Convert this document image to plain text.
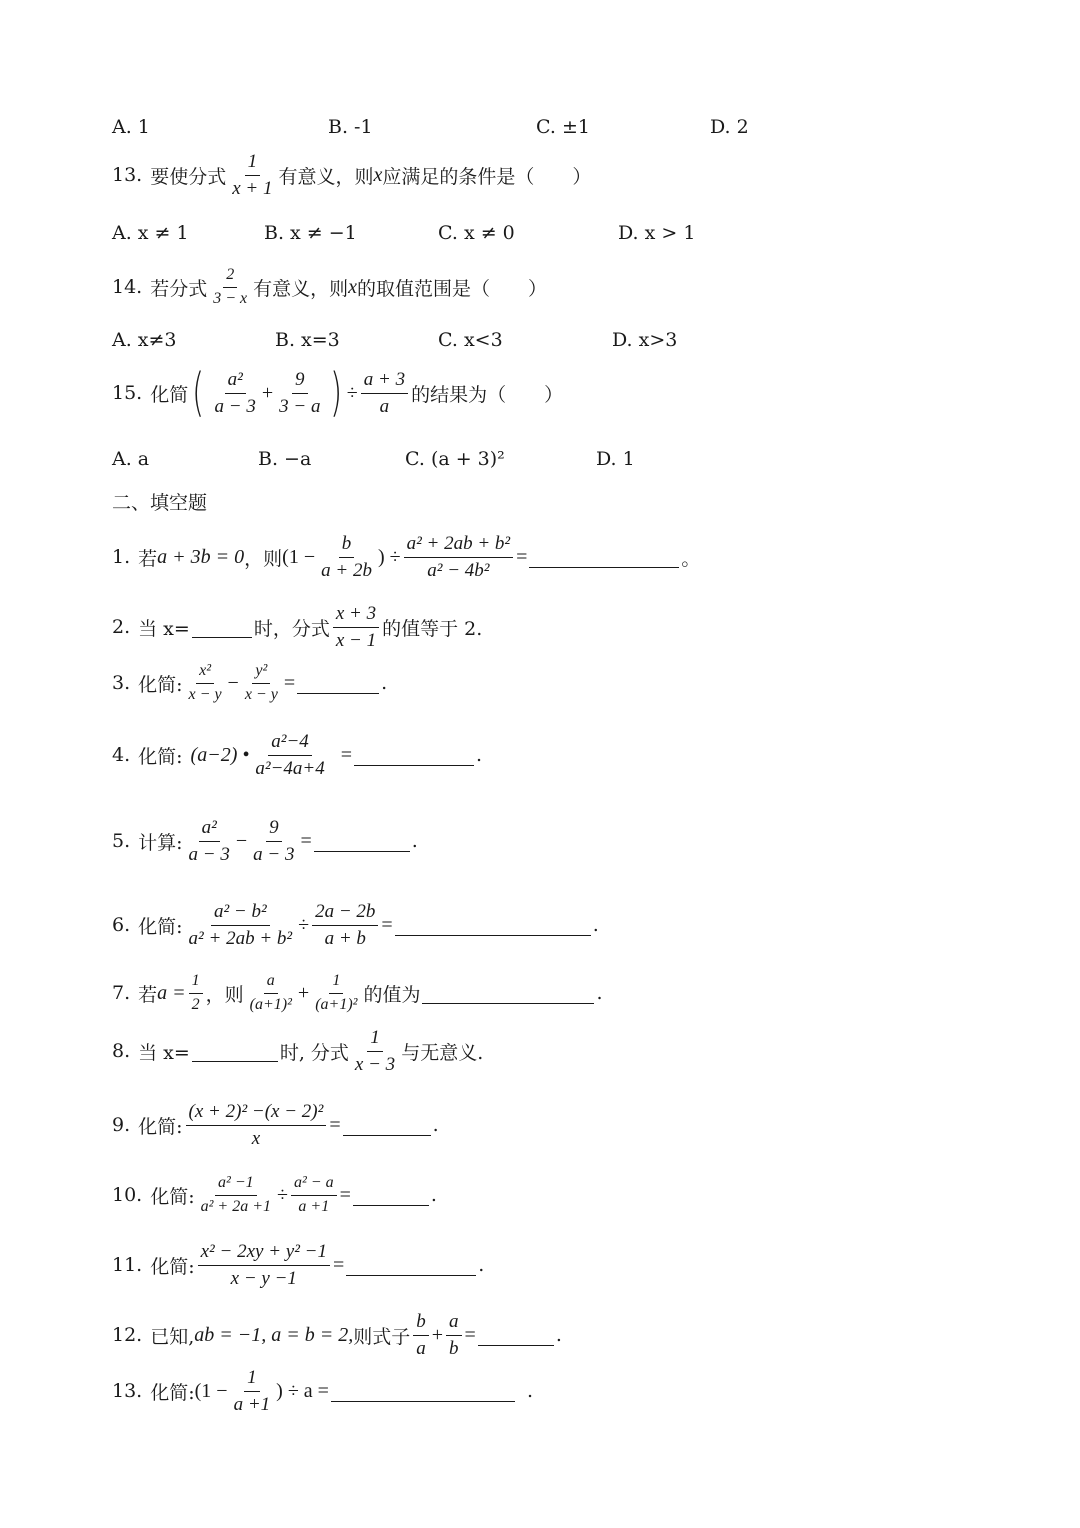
A. 1	B. -1	C. ±1	D. 2
13. 要使分式 $\frac{1}{x + 1}$ 有意义，则 x 应满足的条件是（　　）
A. x ≠ 1	B. x ≠ −1	C. x ≠ 0	D. x > 1
14. 若分式 $\frac{2}{3 - x}$ 有意义，则 x 的取值范围是（　　）
A. x≠3	B. x=3	C. x<3	D. x>3
15. 化简 ( $\frac{\text{a²}}{a - 3} + \frac{9}{3 - a}$ ) ÷ $\frac{a + 3}{a}$ 的结果为（　　）
A. a	B. −a	C. (a + 3)²	D. 1
二、填空题
1. 若 a + 3b = 0 ，则 ($1 - \frac{b}{a + 2b}$ ) ÷ $\frac{\text{a² + 2ab + b²}}{\text{a² − 4b²}}$ =	。
2. 当 x=	时，分式 $\frac{x + 3}{x - 1}$ 的值等于 2.
3. 化简: $\frac{\text{x²}}{x - y} - \frac{\text{y²}}{x - y}$ =	.
4. 化简: (a−2) • $\frac{\text{a²−4}}{\text{a²−4a+4}}$ =	.
5. 计算: $\frac{\text{a²}}{a - 3} - \frac{9}{a - 3}$ =	.
6. 化简: $\frac{\text{a² − b²}}{\text{a² + 2ab + b²}} \div \frac{2a - 2b}{a + b}$ =	.
7. 若 $a = \frac{1}{2}$ ，则 $\frac{a}{\text{(a+1)²}} + \frac{1}{\text{(a+1)²}}$ 的值为	.
8. 当 x=	时, 分式 $\frac{1}{x - 3}$ 与无意义.
9. 化简: $\frac{\text{(x + 2)² −(x − 2)²}}{x}$ =	.
10. 化简: $\frac{\text{a² −1}}{\text{a² + 2a +1}} \div \frac{\text{a² − a}}{a +1}$ =	.
11. 化简: $\frac{\text{x² − 2xy + y² −1}}{x - y -1}$ =	.
12. 已知, ab = −1, a = b = 2, 则式子 $\frac{b}{a} + \frac{a}{b}$ =	.
13. 化简: ($1 - \frac{1}{a +1}$ ) ÷ a =	.
